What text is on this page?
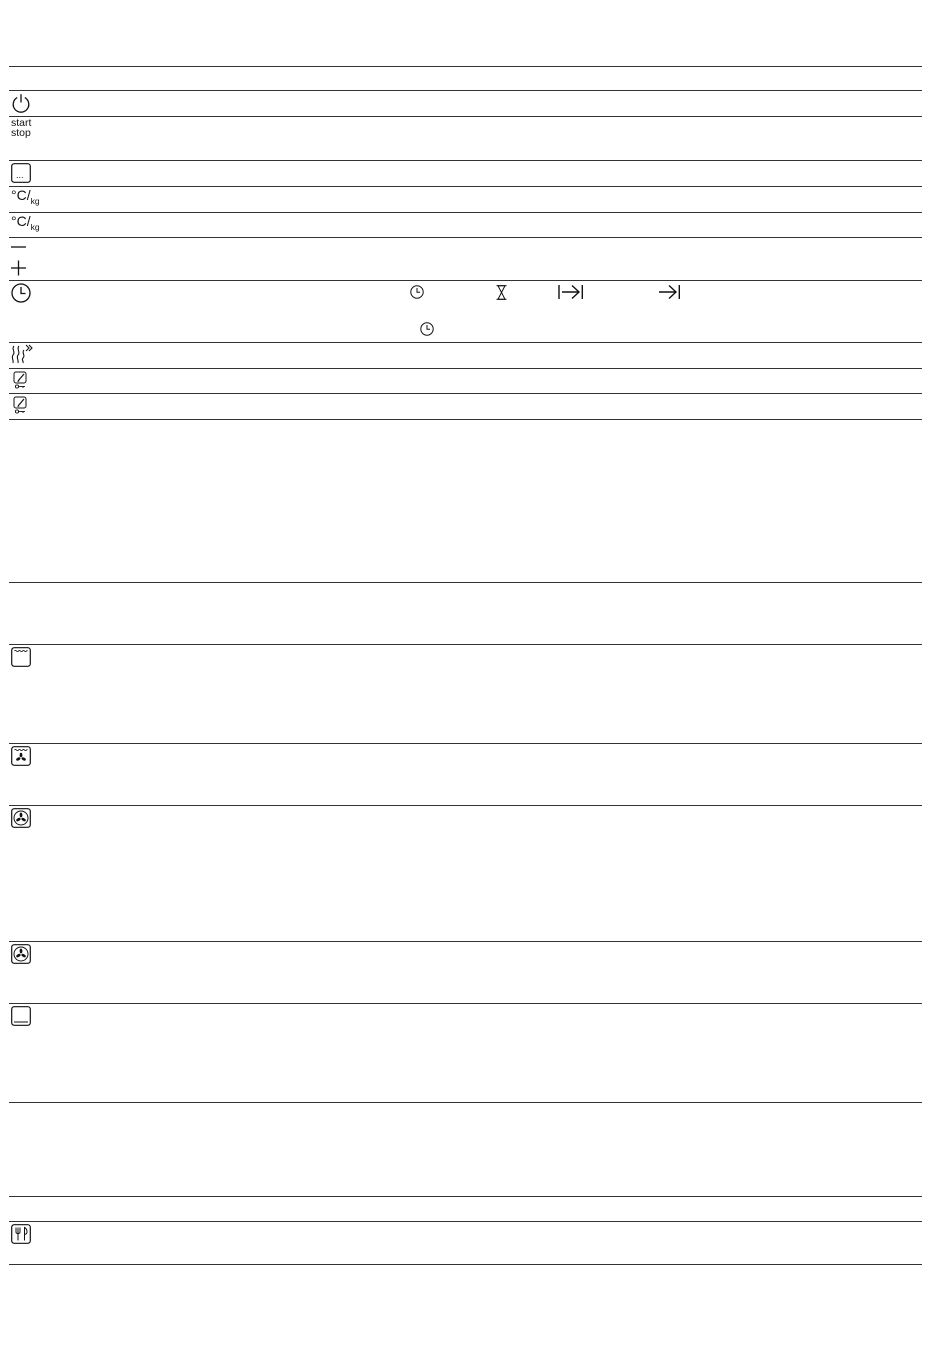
start
stop
...
$^\circ C/_{kg}$
$^\circ C/_{kg}$
